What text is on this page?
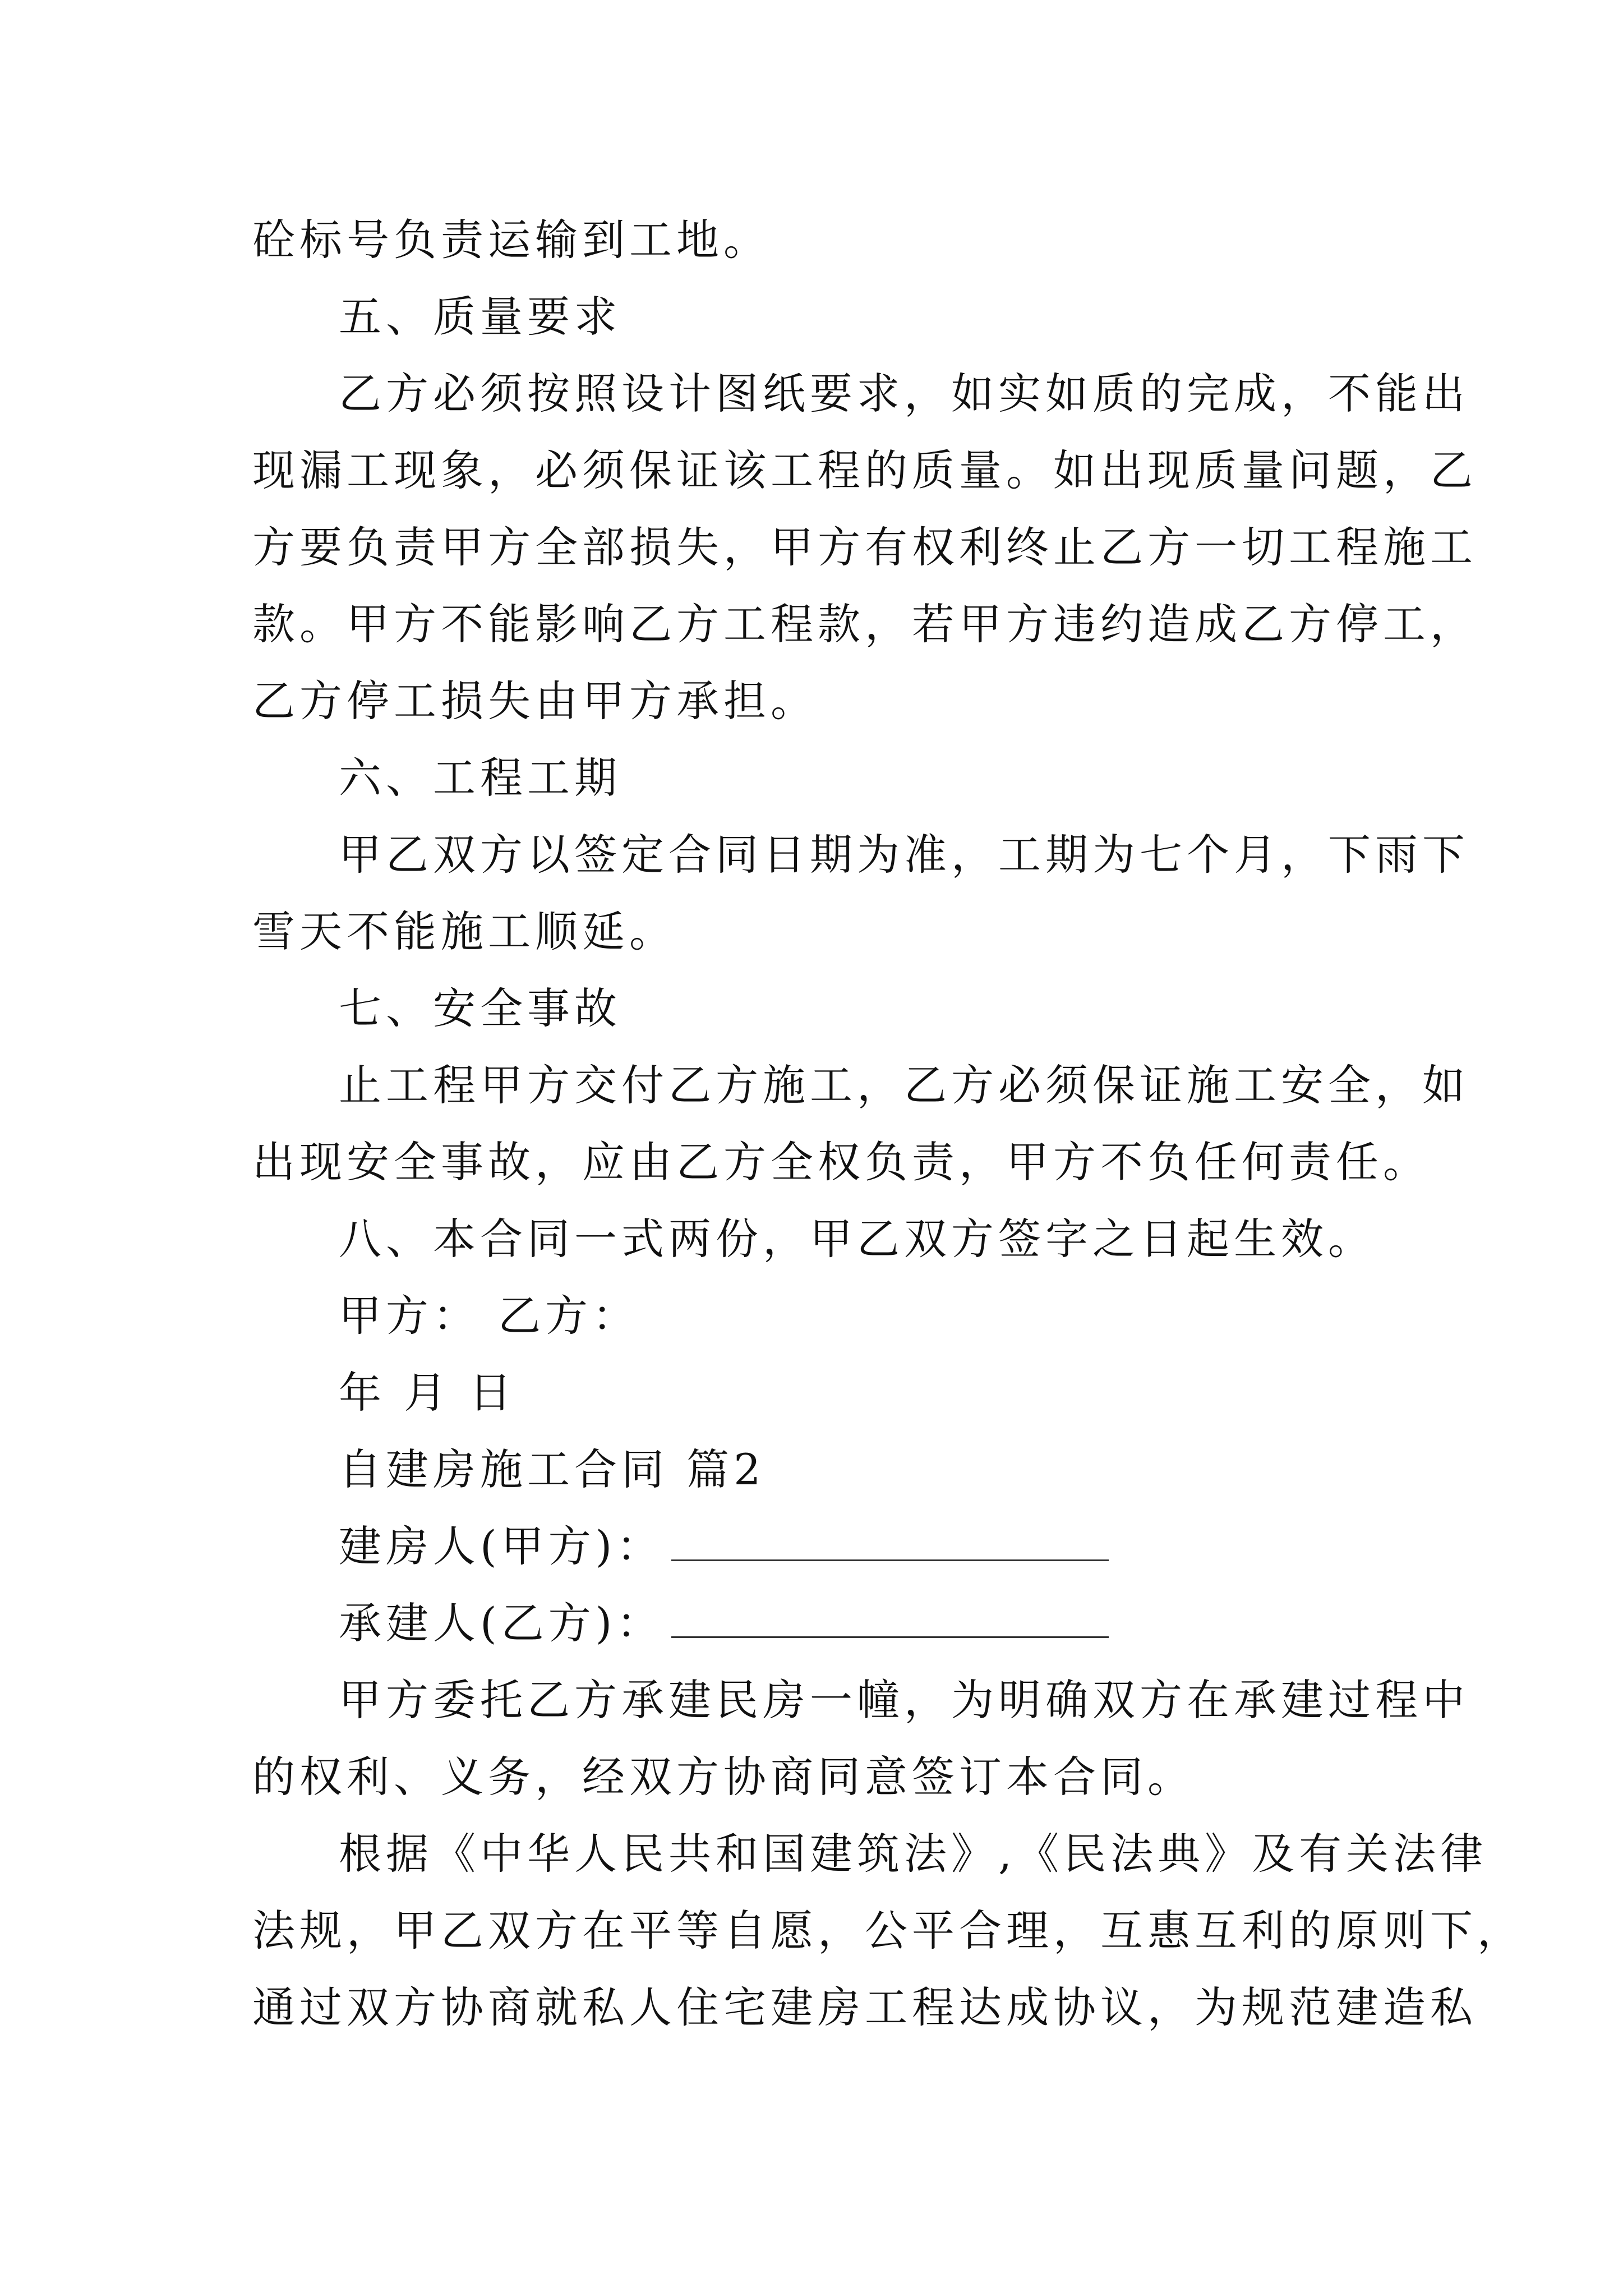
砼标号负责运输到工地。
五、质量要求
乙方必须按照设计图纸要求，如实如质的完成，不能出
现漏工现象，必须保证该工程的质量。如出现质量问题，乙
方要负责甲方全部损失，甲方有权利终止乙方一切工程施工
款。甲方不能影响乙方工程款，若甲方违约造成乙方停工，
乙方停工损失由甲方承担。
六、工程工期
甲乙双方以签定合同日期为准，工期为七个月，下雨下
雪天不能施工顺延。
七、安全事故
止工程甲方交付乙方施工，乙方必须保证施工安全，如
出现安全事故，应由乙方全权负责，甲方不负任何责任。
八、本合同一式两份，甲乙双方签字之日起生效。
甲方： 乙方：
年 月 日
自建房施工合同 篇2
建房人(甲方)：
承建人(乙方)：
甲方委托乙方承建民房一幢，为明确双方在承建过程中
的权利、义务，经双方协商同意签订本合同。
根据《中华人民共和国建筑法》,《民法典》及有关法律
法规，甲乙双方在平等自愿，公平合理，互惠互利的原则下，
通过双方协商就私人住宅建房工程达成协议，为规范建造私
